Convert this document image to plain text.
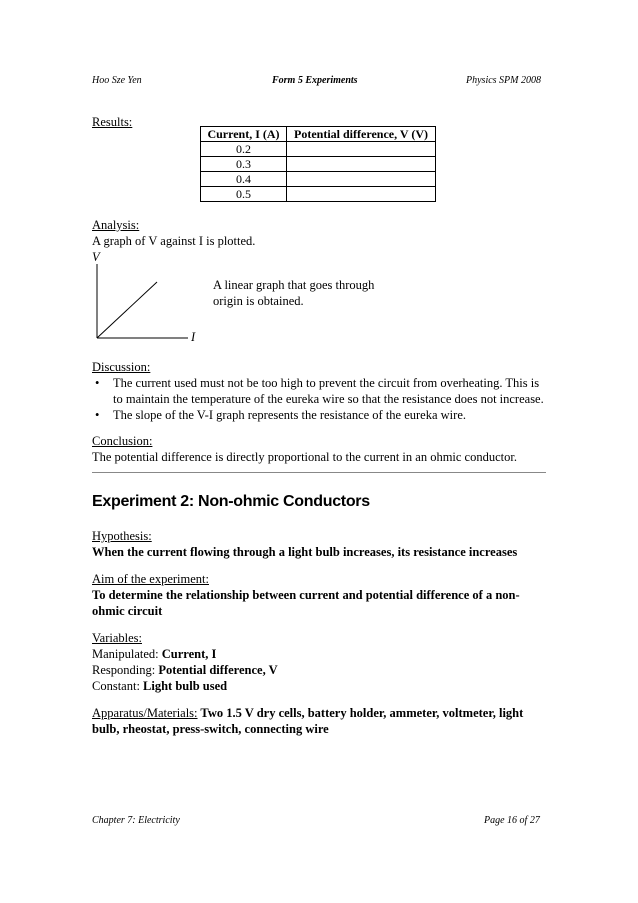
Hoo Sze Yen	Form 5 Experiments	Physics SPM 2008
Results:
Current, I (A)	Potential difference, V (V)
0.2	
0.3	
0.4	
0.5	
Analysis:
A graph of V against I is plotted.
V
I
A linear graph that goes through
origin is obtained.
Discussion:
• The current used must not be too high to prevent the circuit from overheating. This is
to maintain the temperature of the eureka wire so that the resistance does not increase.
• The slope of the V-I graph represents the resistance of the eureka wire.
Conclusion:
The potential difference is directly proportional to the current in an ohmic conductor.
Experiment 2: Non-ohmic Conductors
Hypothesis:
When the current flowing through a light bulb increases, its resistance increases
Aim of the experiment:
To determine the relationship between current and potential difference of a non-
ohmic circuit
Variables:
Manipulated: Current, I
Responding: Potential difference, V
Constant: Light bulb used
Apparatus/Materials: Two 1.5 V dry cells, battery holder, ammeter, voltmeter, light
bulb, rheostat, press-switch, connecting wire
Chapter 7: Electricity	Page 16 of 27
